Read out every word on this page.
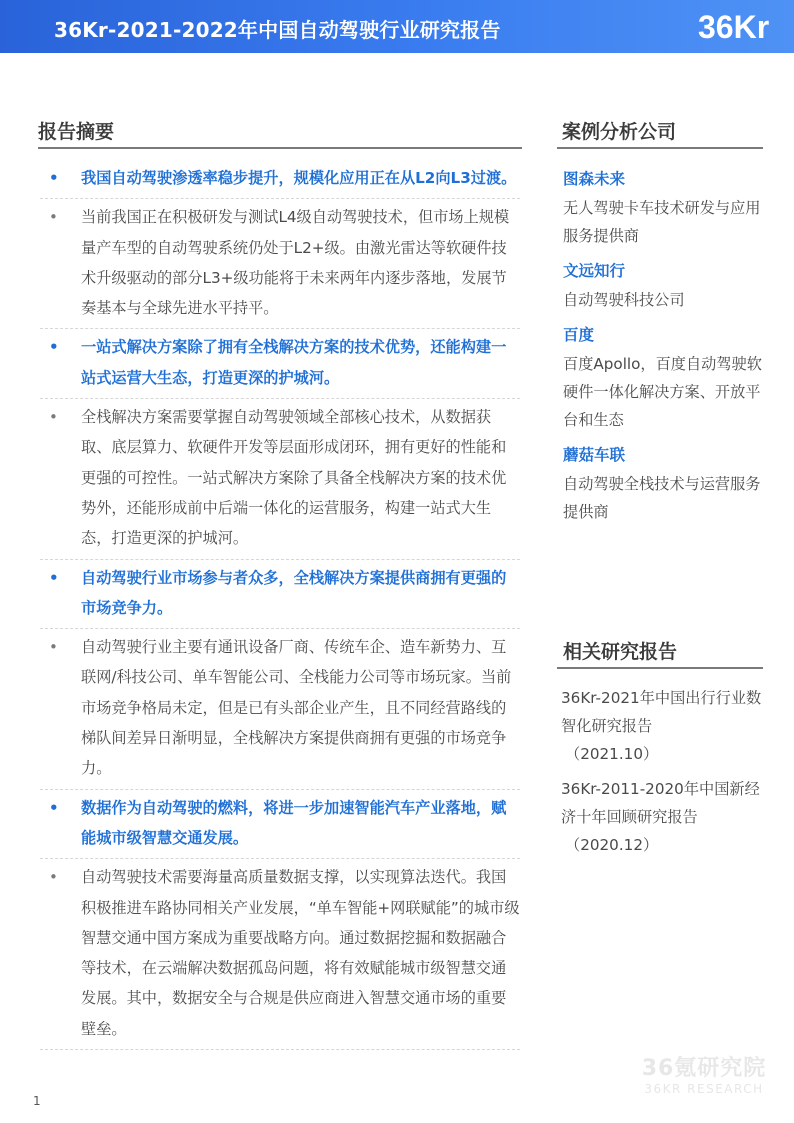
36Kr-2021-2022年中国自动驾驶行业研究报告	36Kr
报告摘要
• 我国自动驾驶渗透率稳步提升，规模化应用正在从L2向L3过渡。
• 当前我国正在积极研发与测试L4级自动驾驶技术，但市场上规模量产车型的自动驾驶系统仍处于L2+级。由激光雷达等软硬件技术升级驱动的部分L3+级功能将于未来两年内逐步落地，发展节奏基本与全球先进水平持平。
• 一站式解决方案除了拥有全栈解决方案的技术优势，还能构建一站式运营大生态，打造更深的护城河。
• 全栈解决方案需要掌握自动驾驶领域全部核心技术，从数据获取、底层算力、软硬件开发等层面形成闭环，拥有更好的性能和更强的可控性。一站式解决方案除了具备全栈解决方案的技术优势外，还能形成前中后端一体化的运营服务，构建一站式大生态，打造更深的护城河。
• 自动驾驶行业市场参与者众多，全栈解决方案提供商拥有更强的市场竞争力。
• 自动驾驶行业主要有通讯设备厂商、传统车企、造车新势力、互联网/科技公司、单车智能公司、全栈能力公司等市场玩家。当前市场竞争格局未定，但是已有头部企业产生，且不同经营路线的梯队间差异日渐明显，全栈解决方案提供商拥有更强的市场竞争力。
• 数据作为自动驾驶的燃料，将进一步加速智能汽车产业落地，赋能城市级智慧交通发展。
• 自动驾驶技术需要海量高质量数据支撑，以实现算法迭代。我国积极推进车路协同相关产业发展，“单车智能+网联赋能”的城市级智慧交通中国方案成为重要战略方向。通过数据挖掘和数据融合等技术，在云端解决数据孤岛问题，将有效赋能城市级智慧交通发展。其中，数据安全与合规是供应商进入智慧交通市场的重要壁垒。
案例分析公司
图森未来
无人驾驶卡车技术研发与应用服务提供商
文远知行
自动驾驶科技公司
百度
百度Apollo，百度自动驾驶软硬件一体化解决方案、开放平台和生态
蘑菇车联
自动驾驶全栈技术与运营服务提供商
相关研究报告
36Kr-2021年中国出行行业数智化研究报告
（2021.10）
36Kr-2011-2020年中国新经济十年回顾研究报告
（2020.12）
1
36氪研究院
36KR RESEARCH
